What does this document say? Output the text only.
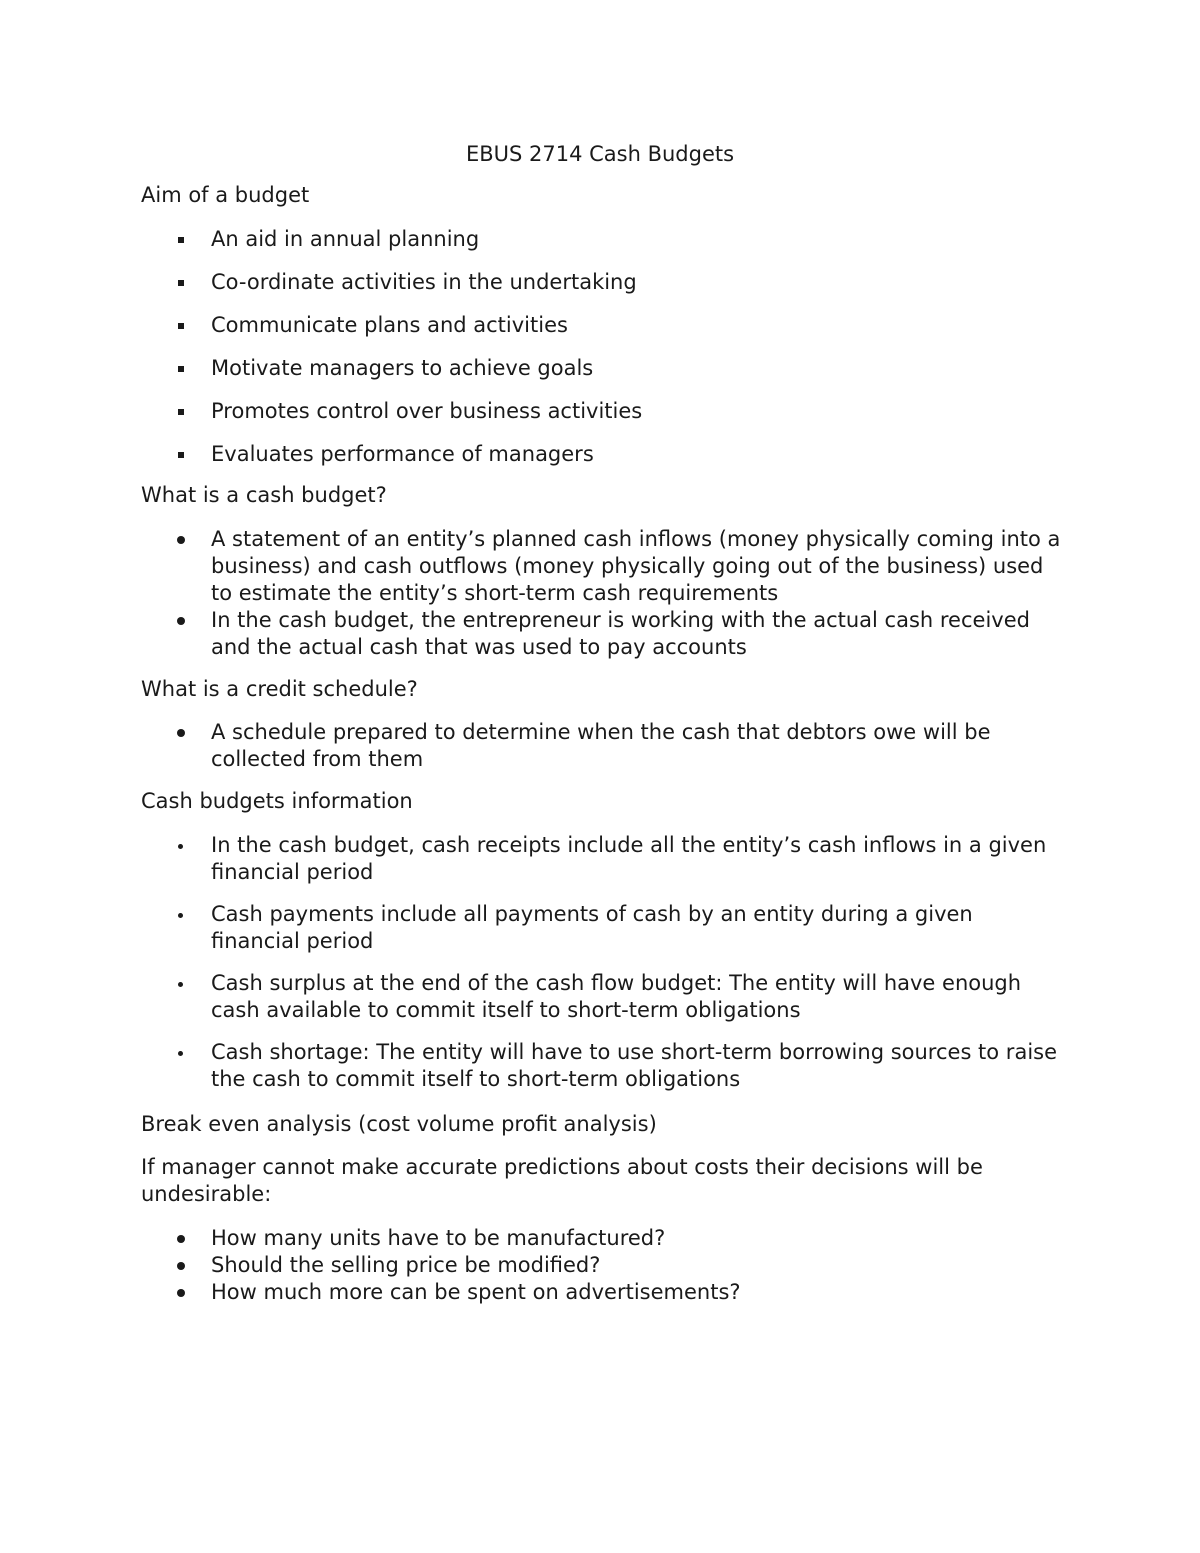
EBUS 2714 Cash Budgets

Aim of a budget

An aid in annual planning
Co-ordinate activities in the undertaking
Communicate plans and activities
Motivate managers to achieve goals
Promotes control over business activities
Evaluates performance of managers

What is a cash budget?

A statement of an entity’s planned cash inflows (money physically coming into a business) and cash outflows (money physically going out of the business) used to estimate the entity’s short-term cash requirements
In the cash budget, the entrepreneur is working with the actual cash received and the actual cash that was used to pay accounts

What is a credit schedule?

A schedule prepared to determine when the cash that debtors owe will be collected from them

Cash budgets information

In the cash budget, cash receipts include all the entity’s cash inflows in a given financial period
Cash payments include all payments of cash by an entity during a given financial period
Cash surplus at the end of the cash flow budget: The entity will have enough cash available to commit itself to short-term obligations
Cash shortage: The entity will have to use short-term borrowing sources to raise the cash to commit itself to short-term obligations

Break even analysis (cost volume profit analysis)

If manager cannot make accurate predictions about costs their decisions will be undesirable:

How many units have to be manufactured?
Should the selling price be modified?
How much more can be spent on advertisements?
